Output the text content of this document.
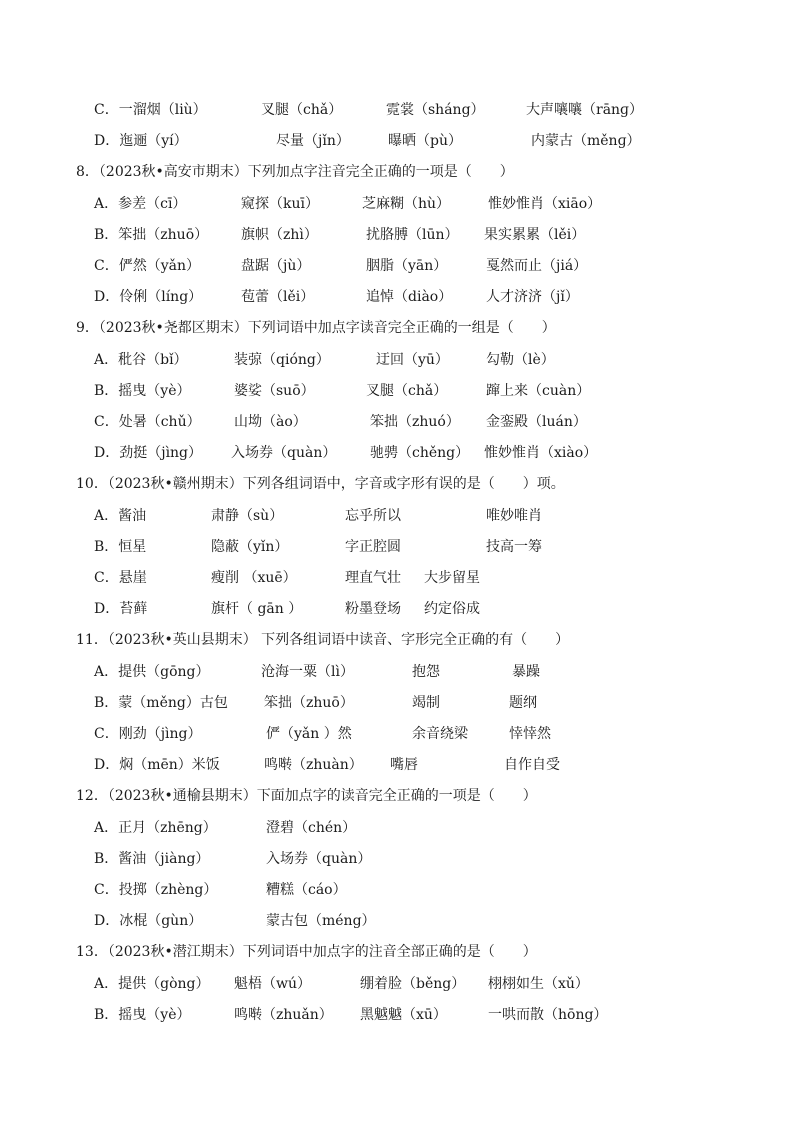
C．一溜烟（liù）	叉腿（chǎ）	霓裳（sháng）	大声嚷嚷（rānɡ）
D．迤逦（yí）	尽量（jǐn）	曝晒（pù）	内蒙古（měnɡ）
8．（2023秋•高安市期末）下列加点字注音完全正确的一项是（　　）
A．参差（cī）	窥探（kuī）	芝麻糊（hù）	惟妙惟肖（xiāo）
B．笨拙（zhuō） 旗帜（zhì）	扰胳膊（lūn） 果实累累（lěi）
C．俨然（yǎn）	盘踞（jù）	胭脂（yān）	戛然而止（jiá）
D．伶俐（líng）	苞蕾（lěi）	追悼（diào） 人才济济（jǐ）
9．（2023秋•尧都区期末）下列词语中加点字读音完全正确的一组是（　　）
A．秕谷（bǐ）	装弶（qióng）	迂回（yū）	勾勒（lè）
B．摇曳（yè）	婆娑（suō）	叉腿（chǎ）	蹿上来（cuàn）
C．处暑（chǔ） 山坳（ào）	笨拙（zhuó） 金銮殿（luán）
D．劲挺（jìng） 入场券（quàn） 驰骋（chěng） 惟妙惟肖（xiào）
10．（2023秋•赣州期末）下列各组词语中，字音或字形有误的是（　　）项。
A．酱油	肃静（sù）	忘乎所以	唯妙唯肖
B．恒星	隐蔽（yǐn）	字正腔圆	技高一筹
C．悬崖	瘦削 （xuē）	理直气壮 大步留星
D．苔藓	旗杆（ gān ）	粉墨登场 约定俗成
11．（2023秋•英山县期末） 下列各组词语中读音、字形完全正确的有（　　）
A．提供（gōng）	沧海一粟（lì）	抱怨	暴躁
B．蒙（měng）古包	笨拙（zhuō）	竭制	题纲
C．刚劲（jìng）	俨（yǎn ）然	余音绕梁	悻悻然
D．焖（mēn）米饭	鸣啭（zhuàn） 嘴唇	自作自受
12．（2023秋•通榆县期末）下面加点字的读音完全正确的一项是（　　）
A．正月（zhēng）	澄碧（chén）
B．酱油（jiàng）	入场券（quàn）
C．投掷（zhèng）	糟糕（cáo）
D．冰棍（gùn）	蒙古包（méng）
13．（2023秋•潜江期末）下列词语中加点字的注音全部正确的是（　　）
A．提供（gòng） 魁梧（wú）	绷着脸（běng） 栩栩如生（xǔ）
B．摇曳（yè）	鸣啭（zhuǎn） 黑魆魆（xū）	一哄而散（hōng）
